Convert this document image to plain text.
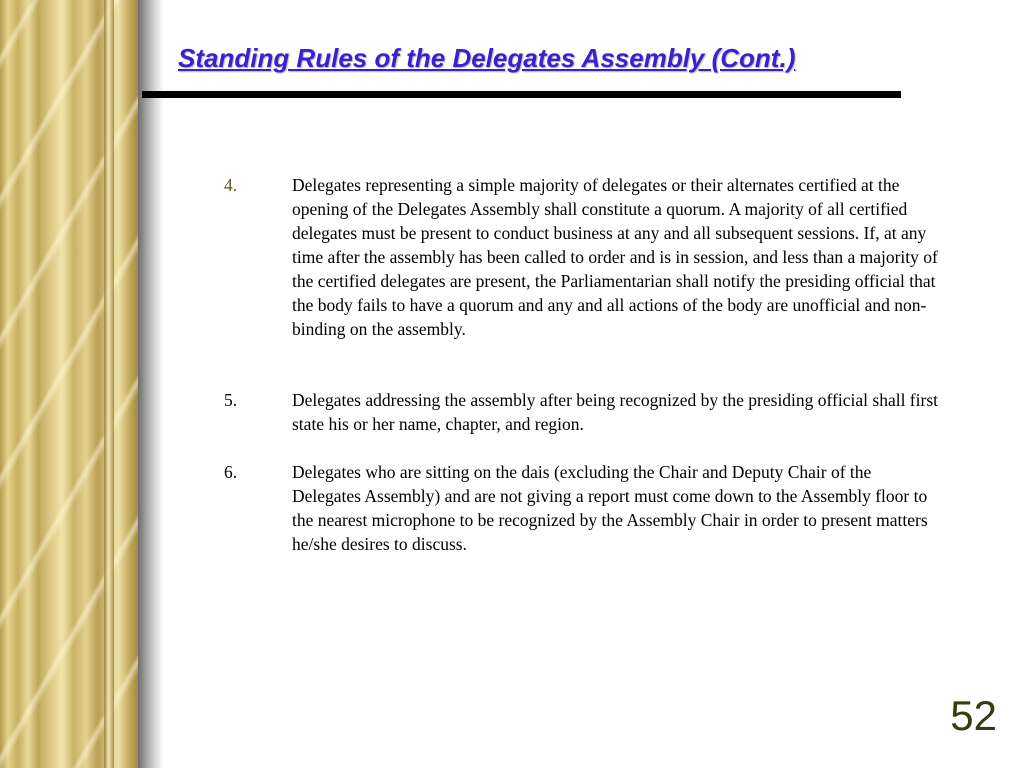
Standing Rules of the Delegates Assembly (Cont.)
4.	Delegates representing a simple majority of delegates or their alternates certified at the opening of the Delegates Assembly shall constitute a quorum. A majority of all certified delegates must be present to conduct business at any and all subsequent sessions. If, at any time after the assembly has been called to order and is in session, and less than a majority of the certified delegates are present, the Parliamentarian shall notify the presiding official that the body fails to have a quorum and any and all actions of the body are unofficial and non-binding on the assembly.
5.	Delegates addressing the assembly after being recognized by the presiding official shall first state his or her name, chapter, and region.
6.	Delegates who are sitting on the dais (excluding the Chair and Deputy Chair of the Delegates Assembly) and are not giving a report must come down to the Assembly floor to the nearest microphone to be recognized by the Assembly Chair in order to present matters he/she desires to discuss.
52
